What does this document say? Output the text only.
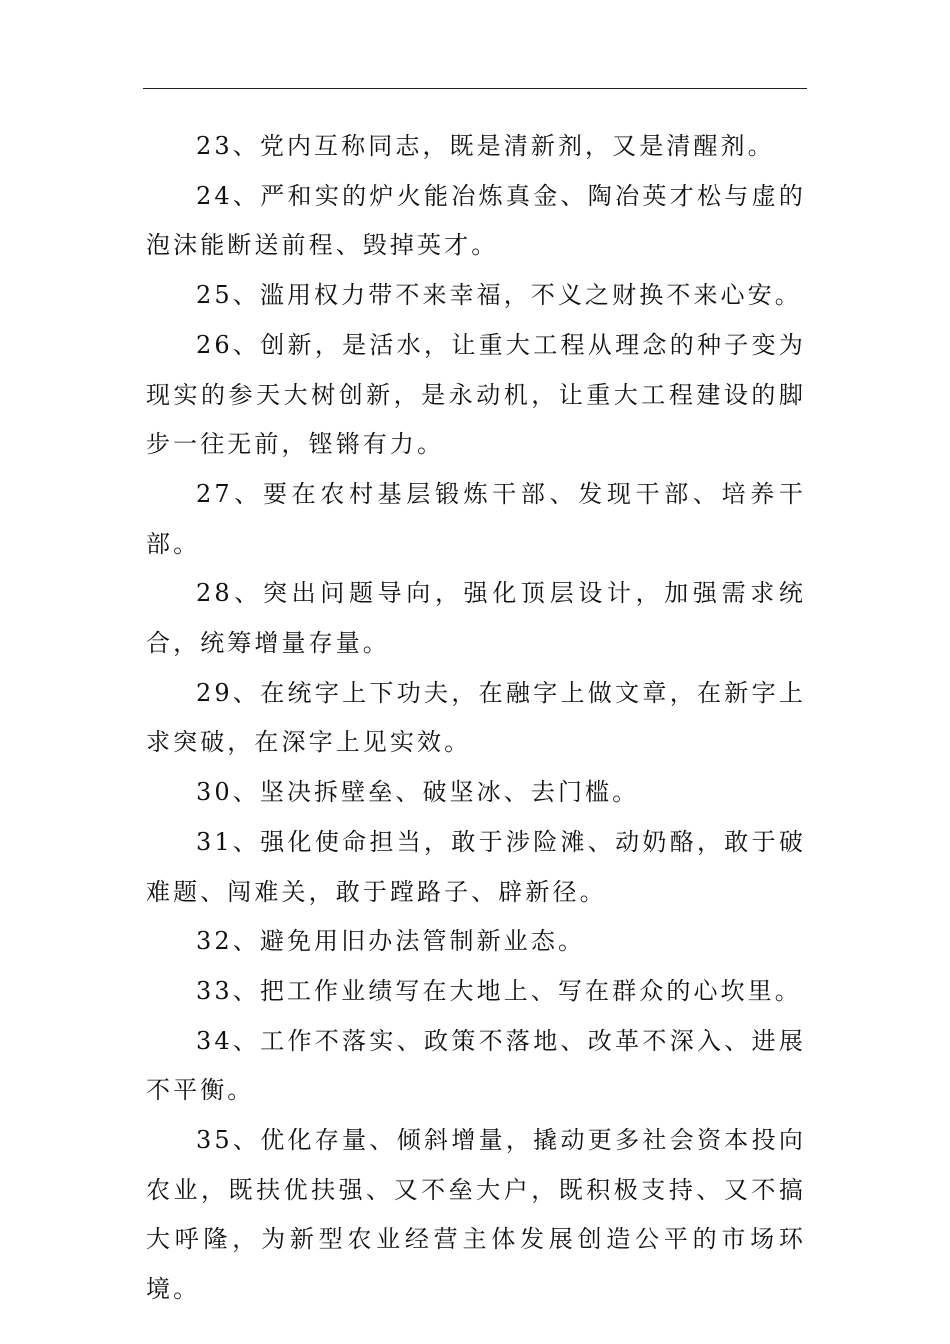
23、党内互称同志，既是清新剂，又是清醒剂。

24、严和实的炉火能冶炼真金、陶冶英才松与虚的泡沫能断送前程、毁掉英才。

25、滥用权力带不来幸福，不义之财换不来心安。

26、创新，是活水，让重大工程从理念的种子变为现实的参天大树创新，是永动机，让重大工程建设的脚步一往无前，铿锵有力。

27、要在农村基层锻炼干部、发现干部、培养干部。

28、突出问题导向，强化顶层设计，加强需求统合，统筹增量存量。

29、在统字上下功夫，在融字上做文章，在新字上求突破，在深字上见实效。

30、坚决拆壁垒、破坚冰、去门槛。

31、强化使命担当，敢于涉险滩、动奶酪，敢于破难题、闯难关，敢于蹚路子、辟新径。

32、避免用旧办法管制新业态。

33、把工作业绩写在大地上、写在群众的心坎里。

34、工作不落实、政策不落地、改革不深入、进展不平衡。

35、优化存量、倾斜增量，撬动更多社会资本投向农业，既扶优扶强、又不垒大户，既积极支持、又不搞大呼隆，为新型农业经营主体发展创造公平的市场环境。
